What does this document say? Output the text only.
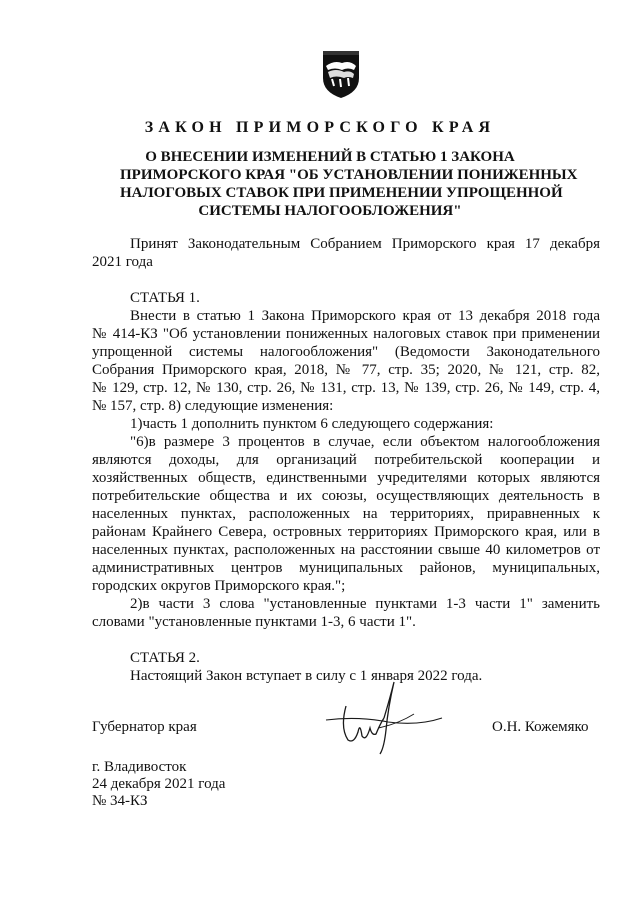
ЗАКОН ПРИМОРСКОГО КРАЯ
О ВНЕСЕНИИ ИЗМЕНЕНИЙ В СТАТЬЮ 1 ЗАКОНА
ПРИМОРСКОГО КРАЯ "ОБ УСТАНОВЛЕНИИ ПОНИЖЕННЫХ
НАЛОГОВЫХ СТАВОК ПРИ ПРИМЕНЕНИИ УПРОЩЕННОЙ
СИСТЕМЫ НАЛОГООБЛОЖЕНИЯ"
Принят Законодательным Собранием Приморского края 17 декабря
2021 года
СТАТЬЯ 1.
Внести в статью 1 Закона Приморского края от 13 декабря 2018 года
№ 414-КЗ "Об установлении пониженных налоговых ставок при применении
упрощенной системы налогообложения" (Ведомости Законодательного
Собрания Приморского края, 2018, № 77, стр. 35; 2020, № 121, стр. 82,
№ 129, стр. 12, № 130, стр. 26, № 131, стр. 13, № 139, стр. 26, № 149, стр. 4,
№ 157, стр. 8) следующие изменения:
1)часть 1 дополнить пунктом 6 следующего содержания:
"6)в размере 3 процентов в случае, если объектом налогообложения
являются доходы, для организаций потребительской кооперации и
хозяйственных обществ, единственными учредителями которых являются
потребительские общества и их союзы, осуществляющих деятельность в
населенных пунктах, расположенных на территориях, приравненных к
районам Крайнего Севера, островных территориях Приморского края, или в
населенных пунктах, расположенных на расстоянии свыше 40 километров от
административных центров муниципальных районов, муниципальных,
городских округов Приморского края.";
2)в части 3 слова "установленные пунктами 1-3 части 1" заменить
словами "установленные пунктами 1-3, 6 части 1".
СТАТЬЯ 2.
Настоящий Закон вступает в силу с 1 января 2022 года.
Губернатор края	О.Н. Кожемяко
г. Владивосток
24 декабря 2021 года
№ 34-КЗ
